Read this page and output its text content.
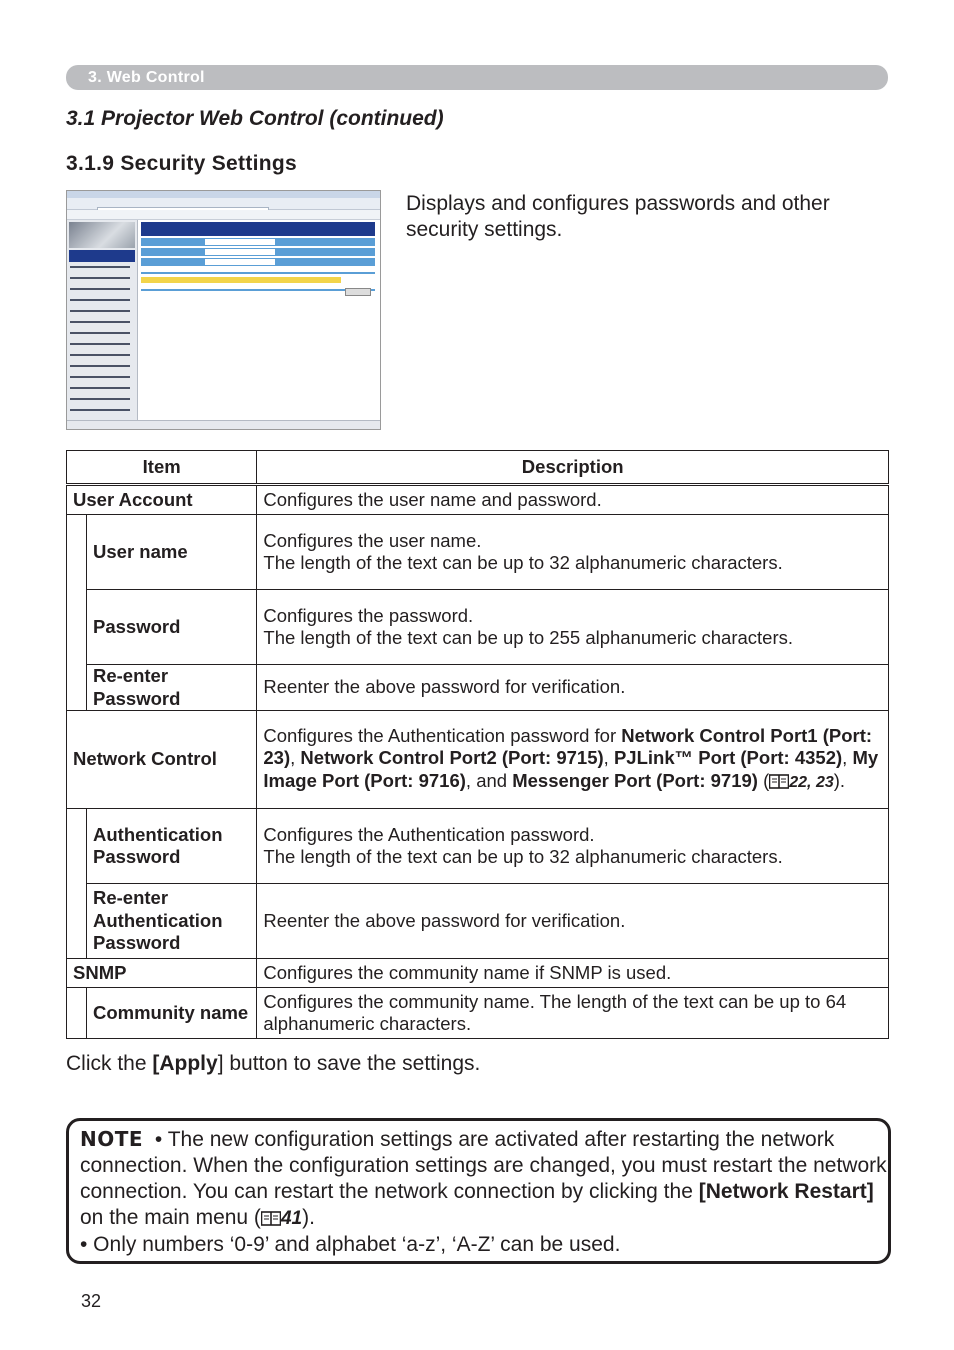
3. Web Control
3.1 Projector Web Control (continued)
3.1.9 Security Settings
Displays and configures passwords and other security settings.
Item		Description
User Account		Configures the user name and password.
	User name	Configures the user name.
The length of the text can be up to 32 alphanumeric characters.
	Password	Configures the password.
The length of the text can be up to 255 alphanumeric characters.
	Re-enter Password	Reenter the above password for verification.
Network Control		Configures the Authentication password for Network Control Port1 (Port: 23), Network Control Port2 (Port: 9715), PJLink™ Port (Port: 4352), My Image Port (Port: 9716), and Messenger Port (Port: 9719) ( 22, 23).
	Authentication Password	Configures the Authentication password.
The length of the text can be up to 32 alphanumeric characters.
	Re-enter
Authentication
Password	Reenter the above password for verification.
SNMP		Configures the community name if SNMP is used.
	Community name	Configures the community name. The length of the text can be up to 64 alphanumeric characters.
Click the [Apply] button to save the settings.
NOTE • The new configuration settings are activated after restarting the network connection. When the configuration settings are changed, you must restart the network connection. You can restart the network connection by clicking the [Network Restart] on the main menu ( 41).
• Only numbers ‘0-9’ and alphabet ‘a-z’, ‘A-Z’ can be used.
32
